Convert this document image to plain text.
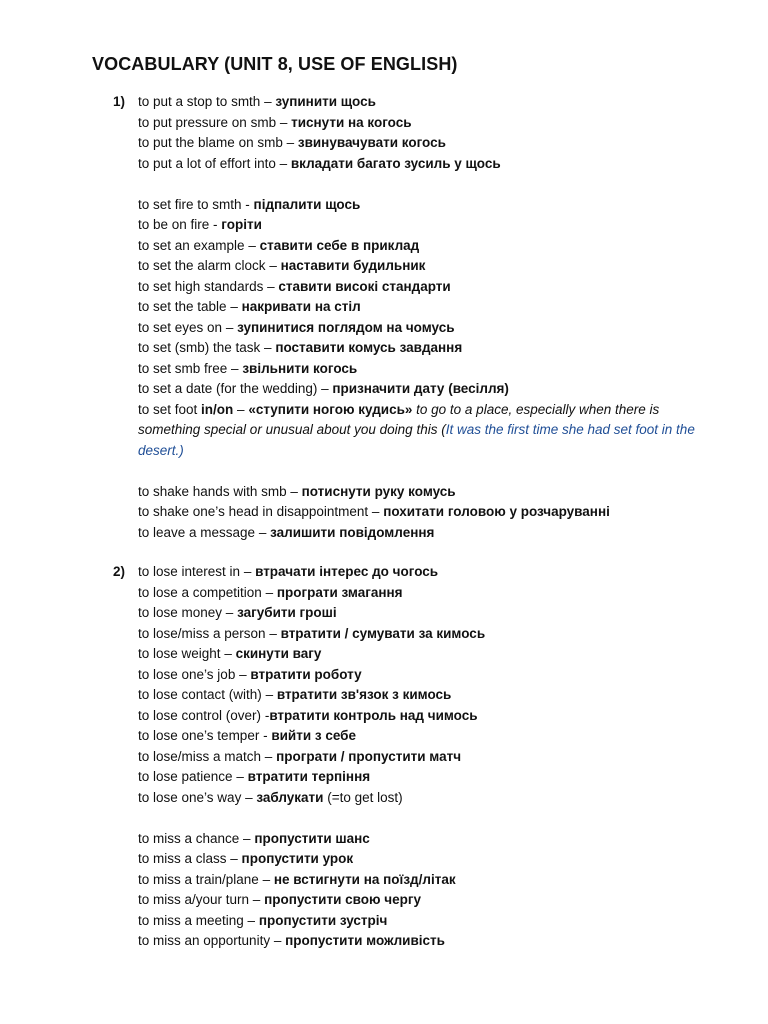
VOCABULARY (UNIT 8, USE OF ENGLISH)
1) to put a stop to smth – зупинити щось
to put pressure on smb – тиснути на когось
to put the blame on smb – звинувачувати когось
to put a lot of effort into – вкладати багато зусиль у щось
to set fire to smth - підпалити щось
to be on fire - горіти
to set an example – ставити себе в приклад
to set the alarm clock – наставити будильник
to set high standards – ставити високі стандарти
to set the table – накривати на стіл
to set eyes on – зупинитися поглядом на чомусь
to set (smb) the task – поставити комусь завдання
to set smb free – звільнити когось
to set a date (for the wedding) – призначити дату (весілля)
to set foot in/on – «ступити ногою кудись» to go to a place, especially when there is something special or unusual about you doing this (It was the first time she had set foot in the desert.)
to shake hands with smb – потиснути руку комусь
to shake one’s head in disappointment – похитати головою у розчаруванні
to leave a message – залишити повідомлення
2) to lose interest in – втрачати інтерес до чогось
to lose a competition – програти змагання
to lose money – загубити гроші
to lose/miss a person – втратити / сумувати за кимось
to lose weight – скинути вагу
to lose one’s job – втратити роботу
to lose contact (with) – втратити зв'язок з кимось
to lose control (over) -втратити контроль над чимось
to lose one’s temper - вийти з себе
to lose/miss a match – програти / пропустити матч
to lose patience – втратити терпіння
to lose one’s way – заблукати (=to get lost)
to miss a chance – пропустити шанс
to miss a class – пропустити урок
to miss a train/plane – не встигнути на поїзд/літак
to miss a/your turn – пропустити свою чергу
to miss a meeting – пропустити зустріч
to miss an opportunity – пропустити можливість
